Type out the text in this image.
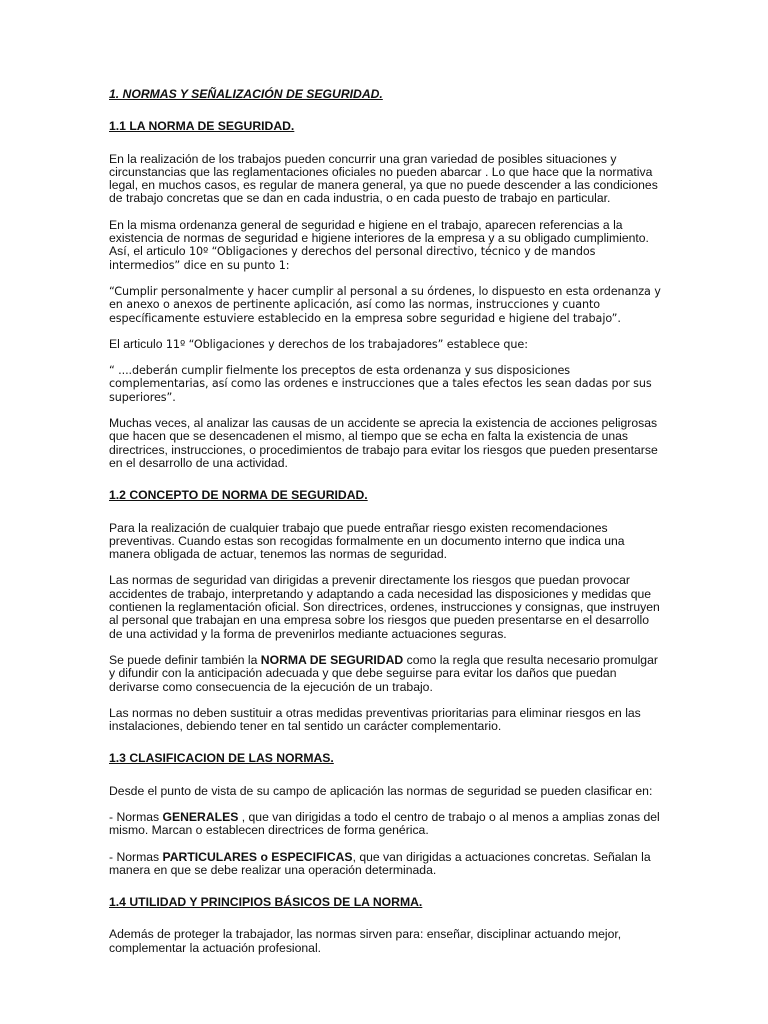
1. NORMAS Y SEÑALIZACIÓN DE SEGURIDAD.
1.1 LA NORMA DE SEGURIDAD.

En la realización de los trabajos pueden concurrir una gran variedad de posibles situaciones y circunstancias que las reglamentaciones oficiales no pueden abarcar . Lo que hace que la normativa legal, en muchos casos, es regular de manera general, ya que no puede descender a las condiciones de trabajo concretas que se dan en cada industria, o en cada puesto de trabajo en particular.

En la misma ordenanza general de seguridad e higiene en el trabajo, aparecen referencias a la existencia de normas de seguridad e higiene interiores de la empresa y a su obligado cumplimiento. Así, el articulo 10º “Obligaciones y derechos del personal directivo, técnico y de mandos intermedios” dice en su punto 1:

“Cumplir personalmente y hacer cumplir al personal a su órdenes, lo dispuesto en esta ordenanza y en anexo o anexos de pertinente aplicación, así como las normas, instrucciones y cuanto específicamente estuviere establecido en la empresa sobre seguridad e higiene del trabajo”.

El articulo 11º “Obligaciones y derechos de los trabajadores” establece que:

“ ....deberán cumplir fielmente los preceptos de esta ordenanza y sus disposiciones complementarias, así como las ordenes e instrucciones que a tales efectos les sean dadas por sus superiores”.

Muchas veces, al analizar las causas de un accidente se aprecia la existencia de acciones peligrosas que hacen que se desencadenen el mismo, al tiempo que se echa en falta la existencia de unas directrices, instrucciones, o procedimientos de trabajo para evitar los riesgos que pueden presentarse en el desarrollo de una actividad.

1.2 CONCEPTO DE NORMA DE SEGURIDAD.

Para la realización de cualquier trabajo que puede entrañar riesgo existen recomendaciones preventivas. Cuando estas son recogidas formalmente en un documento interno que indica una manera obligada de actuar, tenemos las normas de seguridad.

Las normas de seguridad van dirigidas a prevenir directamente los riesgos que puedan provocar accidentes de trabajo, interpretando y adaptando a cada necesidad las disposiciones y medidas que contienen la reglamentación oficial. Son directrices, ordenes, instrucciones y consignas, que instruyen al personal que trabajan en una empresa sobre los riesgos que pueden presentarse en el desarrollo de una actividad y la forma de prevenirlos mediante actuaciones seguras.

Se puede definir también la NORMA DE SEGURIDAD como la regla que resulta necesario promulgar y difundir con la anticipación adecuada y que debe seguirse para evitar los daños que puedan derivarse como consecuencia de la ejecución de un trabajo.

Las normas no deben sustituir a otras medidas preventivas prioritarias para eliminar riesgos en las instalaciones, debiendo tener en tal sentido un carácter complementario.

1.3 CLASIFICACION DE LAS NORMAS.

Desde el punto de vista de su campo de aplicación las normas de seguridad se pueden clasificar en:

- Normas GENERALES , que van dirigidas a todo el centro de trabajo o al menos a amplias zonas del mismo. Marcan o establecen directrices de forma genérica.

- Normas PARTICULARES o ESPECIFICAS, que van dirigidas a actuaciones concretas. Señalan la manera en que se debe realizar una operación determinada.

1.4 UTILIDAD Y PRINCIPIOS BÁSICOS DE LA NORMA.

Además de proteger la trabajador, las normas sirven para: enseñar, disciplinar actuando mejor, complementar la actuación profesional.
